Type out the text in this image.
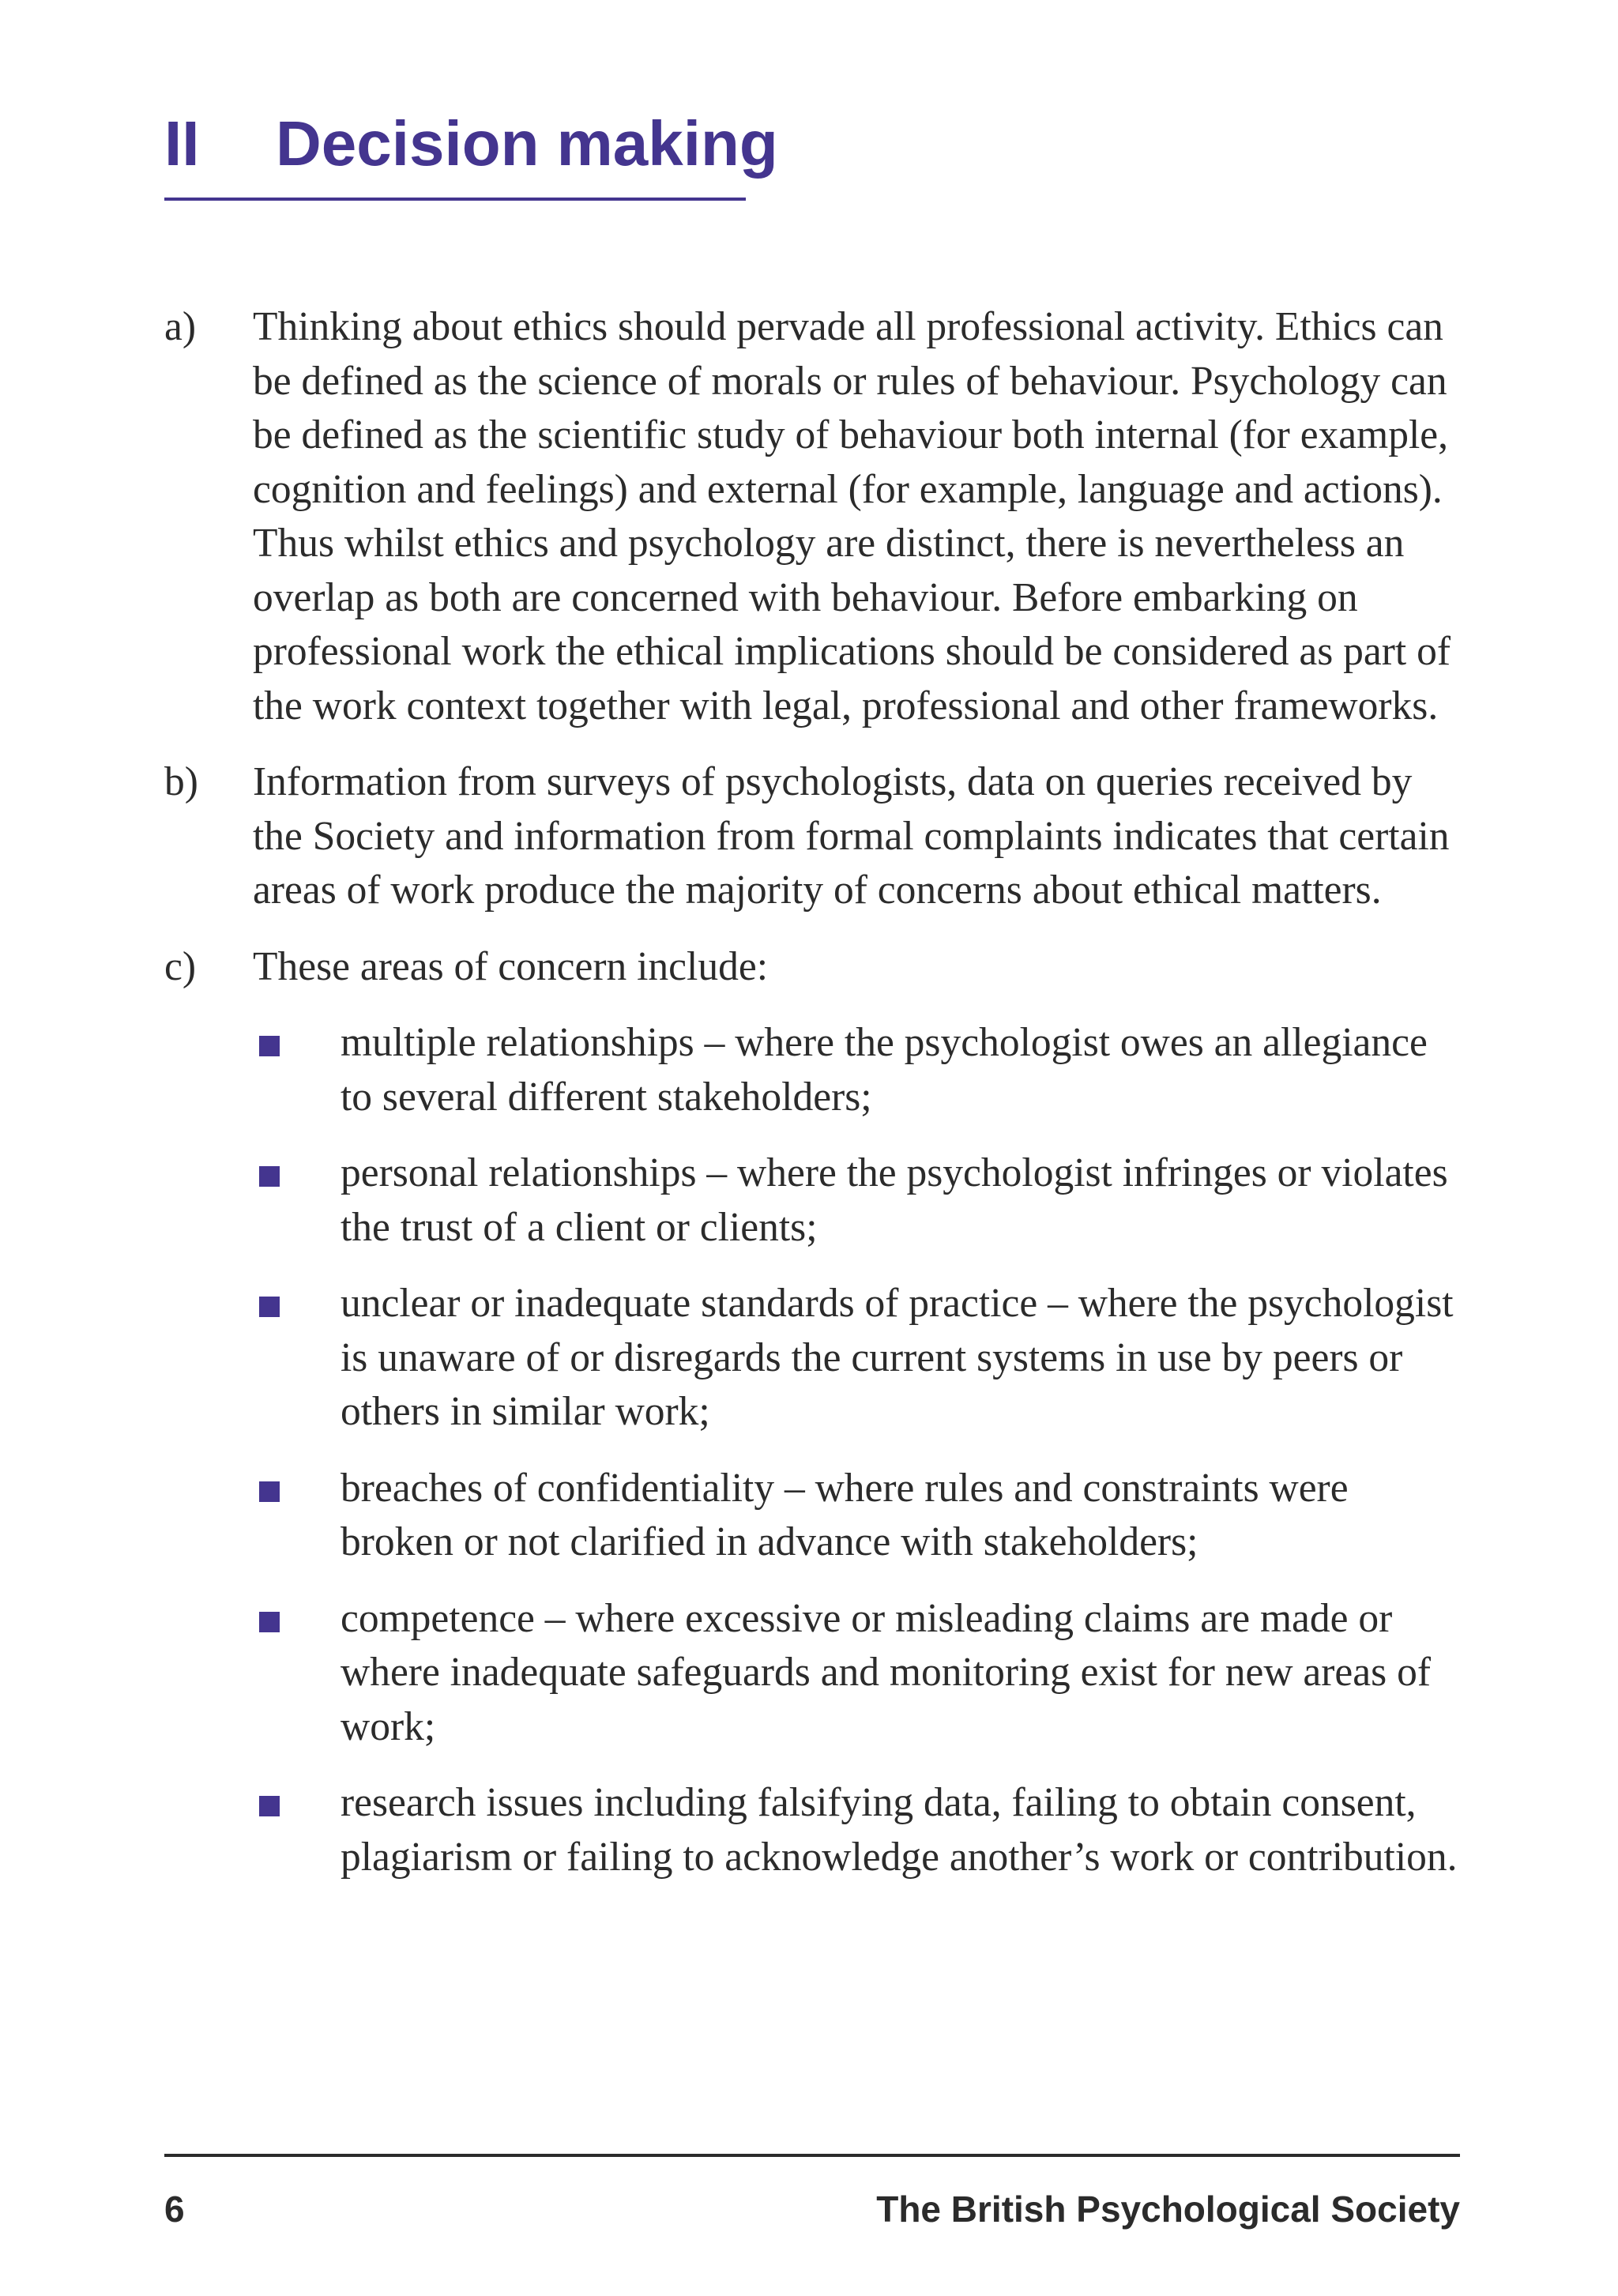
II	Decision making
a)	Thinking about ethics should pervade all professional activity. Ethics can be defined as the science of morals or rules of behaviour. Psychology can be defined as the scientific study of behaviour both internal (for example, cognition and feelings) and external (for example, language and actions). Thus whilst ethics and psychology are distinct, there is nevertheless an overlap as both are concerned with behaviour. Before embarking on professional work the ethical implications should be considered as part of the work context together with legal, professional and other frameworks.
b)	Information from surveys of psychologists, data on queries received by the Society and information from formal complaints indicates that certain areas of work produce the majority of concerns about ethical matters.
c)	These areas of concern include:
multiple relationships – where the psychologist owes an allegiance to several different stakeholders;
personal relationships – where the psychologist infringes or violates the trust of a client or clients;
unclear or inadequate standards of practice – where the psychologist is unaware of or disregards the current systems in use by peers or others in similar work;
breaches of confidentiality – where rules and constraints were broken or not clarified in advance with stakeholders;
competence – where excessive or misleading claims are made or where inadequate safeguards and monitoring exist for new areas of work;
research issues including falsifying data, failing to obtain consent, plagiarism or failing to acknowledge another’s work or contribution.
6	The British Psychological Society
